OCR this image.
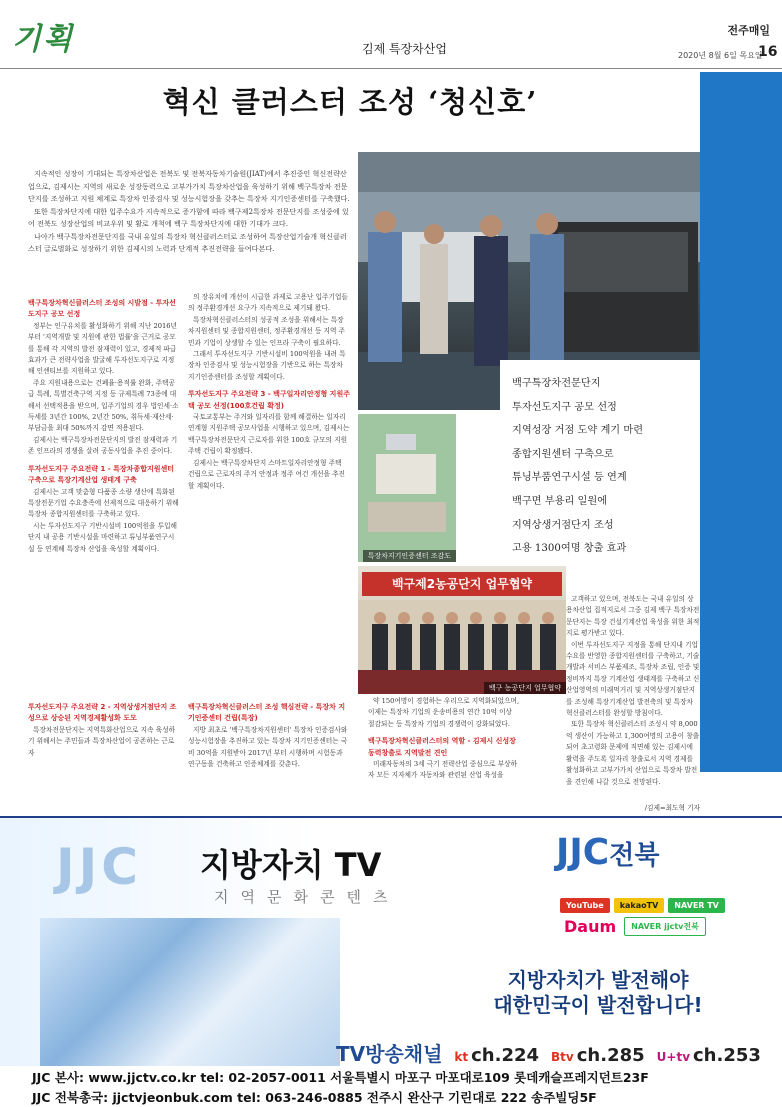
기획	김제 특장차산업
전주매일
2020년 8월 6일 목요일
16
혁신 클러스터 조성 ‘청신호’

지속적인 성장이 기대되는 특장차산업은 전북도 및 전북자동차기술원(JIAT)에서 추진중인 혁신전략산업으로, 김제시는 지역의 새로운 성장동력으로 고부가가치 특장차산업을 육성하기 위해 백구특장차 전문단지를 조성하고 지원 체계로 특장차 인증검사 및 성능시험장을 갖추는 특장차 지기인증센터를 구축했다.

또한 특장차단지에 대한 입주수요가 지속적으로 증가함에 따라 백구제2특장차 전문단지를 조성중에 있어 전북도 성장산업의 비교우위 및 활로 개척에 백구 특장차단지에 대한 기대가 크다.

나아가 백구특장차전문단지를 국내 유일의 특장차 혁신클러스터로 조성하여 특장산업기술개 혁신클러스터 글로벌화로 성장하기 위한 김제시의 노력과 단계적 추진전략을 들여다본다.

백구특장차전문단지
투자선도지구 공모 선정
지역성장 거점 도약 계기 마련
종합지원센터 구축으로
튜닝부품연구시설 등 연계
백구면 부용리 일원에
지역상생거점단지 조성
고용 1300여명 창출 효과
특장차지기인증센터 조감도
백구제2농공단지 업무협약
백구 농공단지 업무협약
백구특장차혁신클러스터 조성의 시발점 - 투자선도지구 공모 선정

정부는 인구유치를 활성화하기 위해 지난 2016년부터 '지역개발 및 지원에 관한 법률'을 근거로 공모를 통해 각 지역의 발전 잠재력이 있고, 경제적 파급 효과가 큰 전략사업을 발굴해 투자선도지구로 지정해 인센티브를 지원하고 있다.

주요 지원내용으로는 건폐율·용적률 완화, 주택공급 특례, 특별건축구역 지정 등 규제특례 73종에 대해서 선택적용을 받으며, 입주기업의 경우 법인세·소득세를 3년간 100%, 2년간 50%, 취득세·재산세·부담금을 최대 50%까지 감면 적용된다.

김제시는 백구특장차전문단지의 발전 잠재력과 기존 인프라의 경쟁을 살려 공동사업을 추진 중이다.

투자선도지구 주요전략 1 - 특장차종합지원센터 구축으로 특장기계산업 생태계 구축

김제시는 고객 맞춤형 다품종 소량 생산에 특화된 특장전문기업 수요충족에 선제적으로 대응하기 위해 특장차 종합지원센터를 구축하고 있다.

시는 투자선도지구 기반시설비 100억원을 투입해 단지 내 공용 기반시설을 마련하고 튜닝부품연구시설 등 연계해 특장차 산업을 육성할 계획이다.

의 장유치에 개선이 시급한 과제로 고용난 입주기업들의 정주환경개선 요구가 지속적으로 제기돼 왔다.

특장차혁신클러스터의 성공적 조성을 위해서는 특장차지원센터 및 종합지원센터, 정주환경개선 등 지역 주민과 기업이 상생할 수 있는 인프라 구축이 필요하다.

그래서 투자선도지구 기반시설비 100억원을 내려 특장차 인증검사 및 성능시험장을 기반으로 하는 특장차 지기인증센터를 조성할 계획이다.

투자선도지구 주요전략 3 - 백구일자리안정형 지원주택 공모 선정(100호건립 확정)

국토교통부는 주거와 일자리를 함께 해결하는 일자리연계형 지원주택 공모사업을 시행하고 있으며, 김제시는 백구특장차전문단지 근로자를 위한 100호 규모의 지원주택 건립이 확정됐다.

김제시는 백구특장차단지 스마트일자리안정형 주택 건립으로 근로자의 주거 안정과 정주 여건 개선을 추진할 계획이다.

투자선도지구 주요전략 2 - 지역상생거점단지 조성으로 상승된 지역경제활성화 도모

특장차전문단지는 지역특화산업으로 지속 육성하기 위해서는 주민들과 특장차산업이 공존하는 근로자

백구특장차혁신클러스터 조성 핵심전략 - 특장차 지기인증센터 건립(특장)

지방 최초로 '백구특장차지원센터' 특장차 인증검사와 성능시험장을 추진하고 있는 특장차 지기인증센터는 국비 30억을 지원받아 2017년 부터 시행하며 시험동과 연구동을 건축하고 인증체계를 갖춘다.

약 150여명이 경험하는 우리으로 지역화되었으며, 이제는 특장차 기업의 운송비용의 연간 10억 이상 절감되는 등 특장차 기업의 경쟁력이 강화되었다.

백구특장차혁신클러스터의 역할 - 김제시 신성장동력창출로 지역발전 견인

미래자동차의 3세 극기 전략산업 중심으로 부상하자 모든 지자체가 자동차와 관련된 산업 육성을

고객하고 있으며, 전북도는 국내 유일의 상용차산업 집적지로서 그중 김제 백구 특장차전문단지는 특장 건설기계산업 육성을 위한 최적지로 평가받고 있다.

이번 투자선도지구 지정을 통해 단지내 기업 수요를 반영한 종합지원센터를 구축하고, 기술개발과 서비스 부품제조, 특장차 조립, 인증 및 정비까지 특장 기계산업 생태계를 구축하고 신산업영역의 미래먹거리 및 지역상생거점단지를 조성해 특장기계산업 발전축의 및 특장차 혁신클러스터를 완성할 방침이다.

또한 특장차 혁신클러스터 조성시 약 8,000억 생산이 가능하고 1,300여명의 고용이 창출되어 초고령화 문제에 직면해 있는 김제시에 활력을 주도록 일자리 창출로서 지역 경제를 활성화하고 고부가가치 산업으로 특장차 발전을 견인해 나갈 것으로 전망된다.

/김제=최도혁 기자
JJC 지방자치 TV
지역문화콘텐츠
JJC전북
YouTube	kakaoTV	NAVER TV
Daum	NAVER jjctv전북
지방자치가 발전해야
대한민국이 발전합니다!
TV방송채널 kt ch.224 Btv ch.285 U+tv ch.253
JJC 본사: www.jjctv.co.kr tel: 02-2057-0011 서울특별시 마포구 마포대로109 롯데캐슬프레지던트23F
JJC 전북총국: jjctvjeonbuk.com tel: 063-246-0885 전주시 완산구 기린대로 222 송주빌딩5F
